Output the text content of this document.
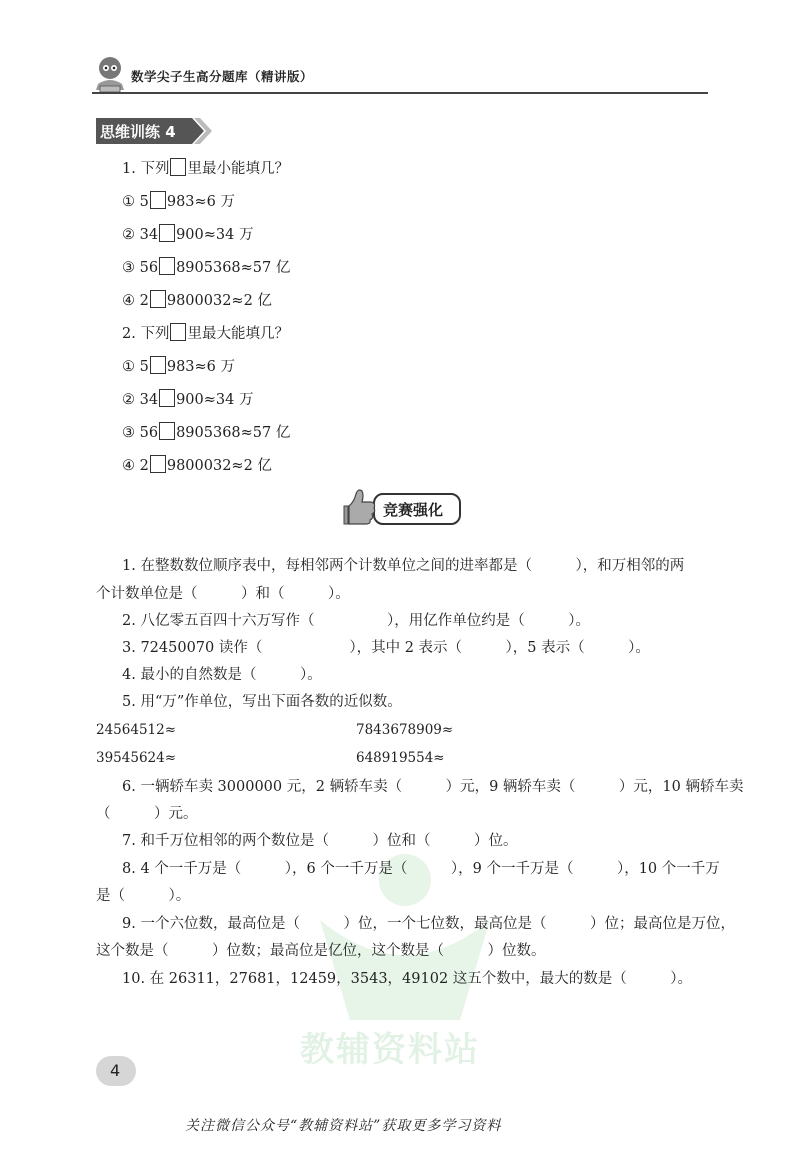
数学尖子生高分题库（精讲版）
思维训练 4
1. 下列 里最小能填几？
① 5 983≈6 万
② 34 900≈34 万
③ 56 8905368≈57 亿
④ 2 9800032≈2 亿
2. 下列 里最大能填几？
① 5 983≈6 万
② 34 900≈34 万
③ 56 8905368≈57 亿
④ 2 9800032≈2 亿
竞赛强化
教辅资料站
1. 在整数数位顺序表中，每相邻两个计数单位之间的进率都是（　　　），和万相邻的两
个计数单位是（　　　）和（　　　）。
2. 八亿零五百四十六万写作（　　　　　），用亿作单位约是（　　　）。
3. 72450070 读作（　　　　　　），其中 2 表示（　　　），5 表示（　　　）。
4. 最小的自然数是（　　　）。
5. 用“万”作单位，写出下面各数的近似数。
24564512≈	7843678909≈
39545624≈	648919554≈
6. 一辆轿车卖 3000000 元，2 辆轿车卖（　　　）元，9 辆轿车卖（　　　）元，10 辆轿车卖
（　　　）元。
7. 和千万位相邻的两个数位是（　　　）位和（　　　）位。
8. 4 个一千万是（　　　），6 个一千万是（　　　），9 个一千万是（　　　），10 个一千万
是（　　　）。
9. 一个六位数，最高位是（　　　）位，一个七位数，最高位是（　　　）位；最高位是万位，
这个数是（　　　）位数；最高位是亿位，这个数是（　　　）位数。
10. 在 26311，27681，12459，3543，49102 这五个数中，最大的数是（　　　）。
4
关注微信公众号“教辅资料站”获取更多学习资料
